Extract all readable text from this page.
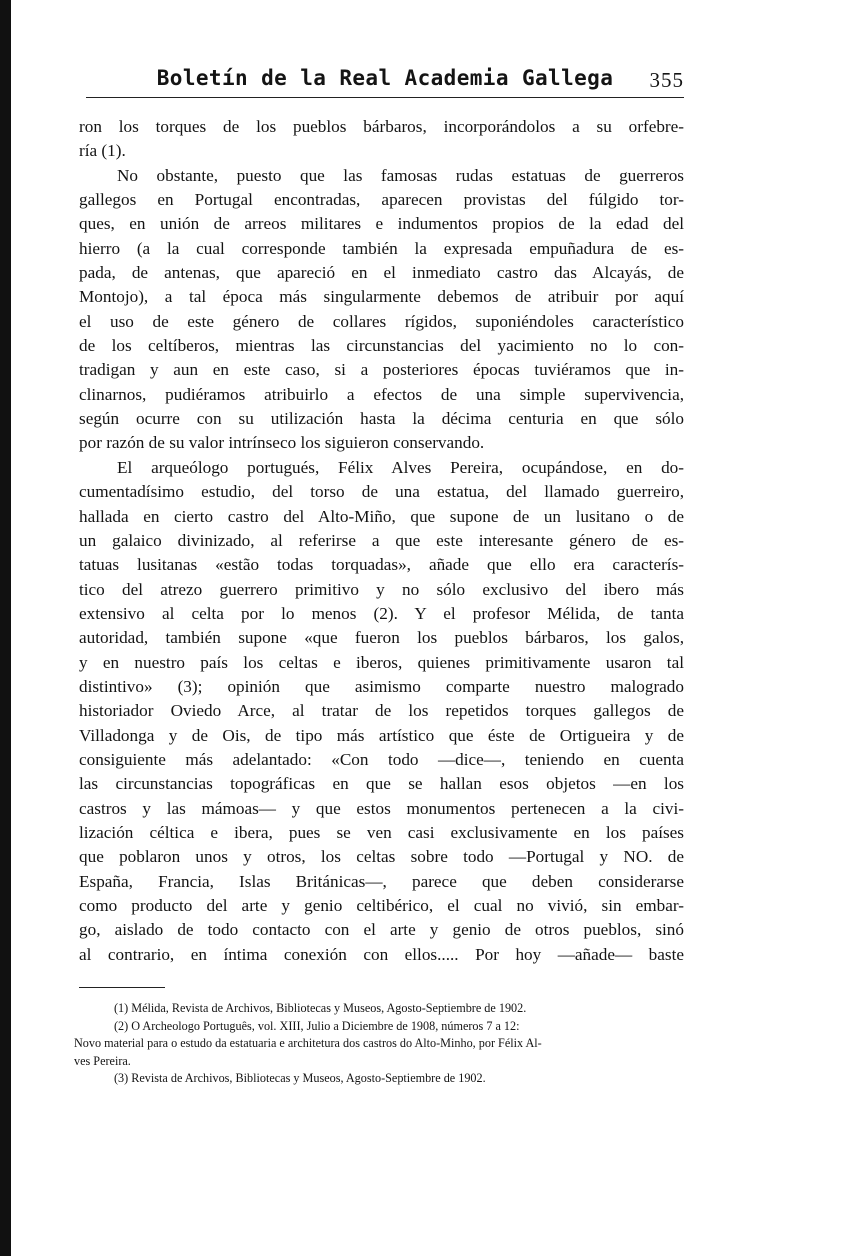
Boletín de la Real Academia Gallega	355
ron los torques de los pueblos bárbaros, incorporándolos a su orfebre-
ría (1).
No obstante, puesto que las famosas rudas estatuas de guerreros
gallegos en Portugal encontradas, aparecen provistas del fúlgido tor-
ques, en unión de arreos militares e indumentos propios de la edad del
hierro (a la cual corresponde también la expresada empuñadura de es-
pada, de antenas, que apareció en el inmediato castro das Alcayás, de
Montojo), a tal época más singularmente debemos de atribuir por aquí
el uso de este género de collares rígidos, suponiéndoles característico
de los celtíberos, mientras las circunstancias del yacimiento no lo con-
tradigan y aun en este caso, si a posteriores épocas tuviéramos que in-
clinarnos, pudiéramos atribuirlo a efectos de una simple supervivencia,
según ocurre con su utilización hasta la décima centuria en que sólo
por razón de su valor intrínseco los siguieron conservando.
El arqueólogo portugués, Félix Alves Pereira, ocupándose, en do-
cumentadísimo estudio, del torso de una estatua, del llamado guerreiro,
hallada en cierto castro del Alto-Miño, que supone de un lusitano o de
un galaico divinizado, al referirse a que este interesante género de es-
tatuas lusitanas «estão todas torquadas», añade que ello era caracterís-
tico del atrezo guerrero primitivo y no sólo exclusivo del ibero más
extensivo al celta por lo menos (2). Y el profesor Mélida, de tanta
autoridad, también supone «que fueron los pueblos bárbaros, los galos,
y en nuestro país los celtas e iberos, quienes primitivamente usaron tal
distintivo» (3); opinión que asimismo comparte nuestro malogrado
historiador Oviedo Arce, al tratar de los repetidos torques gallegos de
Villadonga y de Ois, de tipo más artístico que éste de Ortigueira y de
consiguiente más adelantado: «Con todo —dice—, teniendo en cuenta
las circunstancias topográficas en que se hallan esos objetos —en los
castros y las mámoas— y que estos monumentos pertenecen a la civi-
lización céltica e ibera, pues se ven casi exclusivamente en los países
que poblaron unos y otros, los celtas sobre todo —Portugal y NO. de
España, Francia, Islas Británicas—, parece que deben considerarse
como producto del arte y genio celtibérico, el cual no vivió, sin embar-
go, aislado de todo contacto con el arte y genio de otros pueblos, sinó
al contrario, en íntima conexión con ellos..... Por hoy —añade— baste
(1) Mélida, Revista de Archivos, Bibliotecas y Museos, Agosto-Septiembre de 1902.
(2) O Archeologo Português, vol. XIII, Julio a Diciembre de 1908, números 7 a 12:
Novo material para o estudo da estatuaria e architetura dos castros do Alto-Minho, por Félix Al-
ves Pereira.
(3) Revista de Archivos, Bibliotecas y Museos, Agosto-Septiembre de 1902.
